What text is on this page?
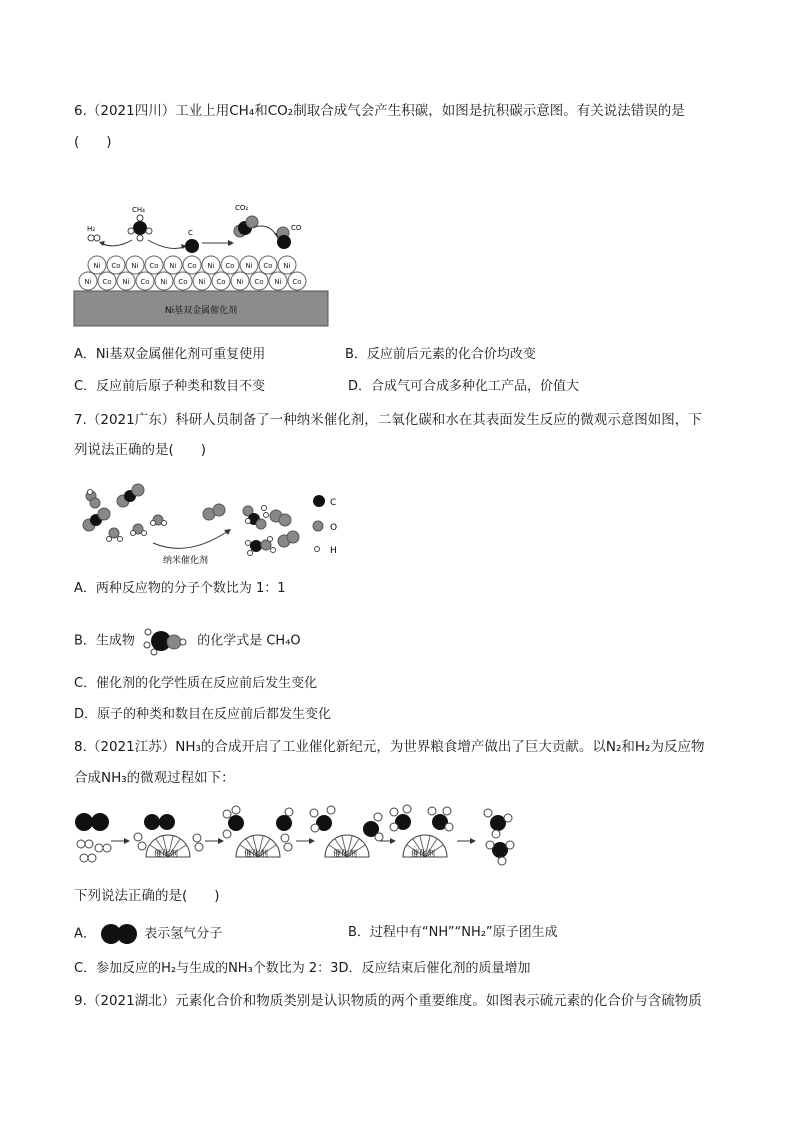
6.（2021四川）工业上用CH₄和CO₂制取合成气会产生积碳，如图是抗积碳示意图。有关说法错误的是
(　　)
Ni基双金属催化剂
Ni Co Ni Co Ni Co Ni Co Ni Co Ni Co
Ni Co Ni Co Ni Co Ni Co Ni Co Ni
H₂
CH₄
C
CO₂
CO
A．Ni基双金属催化剂可重复使用	B．反应前后元素的化合价均改变
C．反应前后原子种类和数目不变	D．合成气可合成多种化工产品，价值大
7.（2021广东）科研人员制备了一种纳米催化剂，二氧化碳和水在其表面发生反应的微观示意图如图，下
列说法正确的是(　　)
纳米催化剂
C
O
H
A．两种反应物的分子个数比为 1：1
B．生成物	的化学式是 CH₄O
C．催化剂的化学性质在反应前后发生变化
D．原子的种类和数目在反应前后都发生变化
8.（2021江苏）NH₃的合成开启了工业催化新纪元，为世界粮食增产做出了巨大贡献。以N₂和H₂为反应物
合成NH₃的微观过程如下：
催化剂	催化剂	催化剂	催化剂
下列说法正确的是(　　)
A．	表示氢气分子	B．过程中有“NH”“NH₂”原子团生成
C．参加反应的H₂与生成的NH₃个数比为 2：3D．反应结束后催化剂的质量增加
9.（2021湖北）元素化合价和物质类别是认识物质的两个重要维度。如图表示硫元素的化合价与含硫物质
